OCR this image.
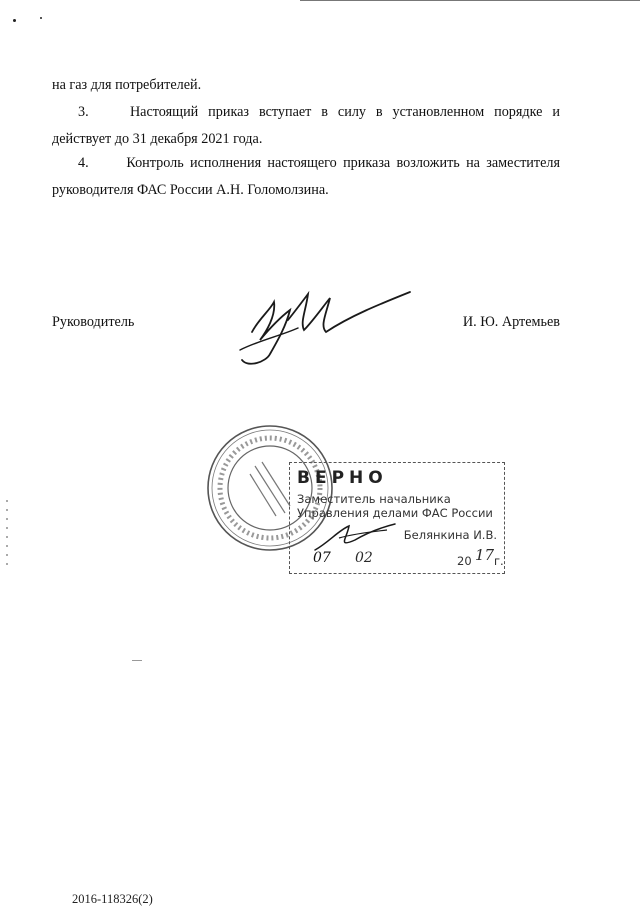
на газ для потребителей.

3.	Настоящий приказ вступает в силу в установленном порядке и
действует до 31 декабря 2021 года.

4.	Контроль исполнения настоящего приказа возложить на заместителя
руководителя ФАС России А.Н. Голомолзина.

Руководитель	И. Ю. Артемьев
ВЕРНО
Заместитель начальника
Управления делами ФАС России
Белянкина И.В.
07 02	20 17 г.
2016-118326(2)
